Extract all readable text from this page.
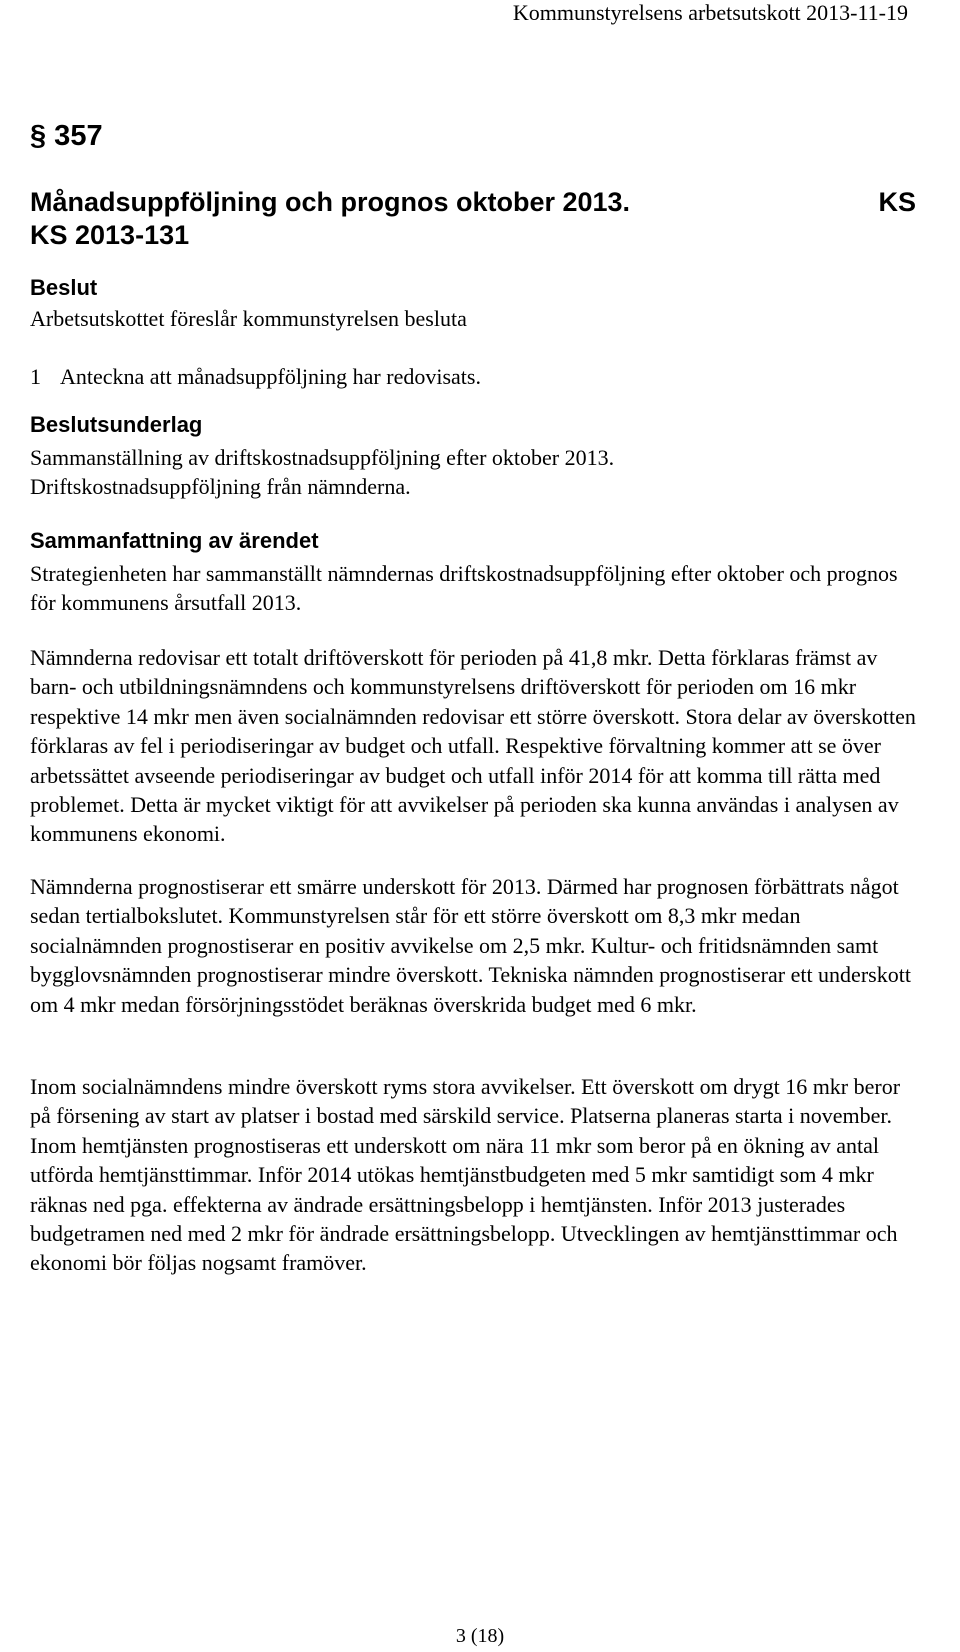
Kommunstyrelsens arbetsutskott 2013-11-19
§ 357
Månadsuppföljning och prognos oktober 2013.
KS 2013-131
KS
Beslut
Arbetsutskottet föreslår kommunstyrelsen besluta
1 Anteckna att månadsuppföljning har redovisats.
Beslutsunderlag
Sammanställning av driftskostnadsuppföljning efter oktober 2013.
Driftskostnadsuppföljning från nämnderna.
Sammanfattning av ärendet

Strategienheten har sammanställt nämndernas driftskostnadsuppföljning efter oktober och prognos för kommunens årsutfall 2013.

Nämnderna redovisar ett totalt driftöverskott för perioden på 41,8 mkr. Detta förklaras främst av barn- och utbildningsnämndens och kommunstyrelsens driftöverskott för perioden om 16 mkr respektive 14 mkr men även socialnämnden redovisar ett större överskott. Stora delar av överskotten förklaras av fel i periodiseringar av budget och utfall. Respektive förvaltning kommer att se över arbetssättet avseende periodiseringar av budget och utfall inför 2014 för att komma till rätta med problemet. Detta är mycket viktigt för att avvikelser på perioden ska kunna användas i analysen av kommunens ekonomi.

Nämnderna prognostiserar ett smärre underskott för 2013. Därmed har prognosen förbättrats något sedan tertialbokslutet. Kommunstyrelsen står för ett större överskott om 8,3 mkr medan socialnämnden prognostiserar en positiv avvikelse om 2,5 mkr. Kultur- och fritidsnämnden samt bygglovsnämnden prognostiserar mindre överskott. Tekniska nämnden prognostiserar ett underskott om 4 mkr medan försörjningsstödet beräknas överskrida budget med 6 mkr.

Inom socialnämndens mindre överskott ryms stora avvikelser. Ett överskott om drygt 16 mkr beror på försening av start av platser i bostad med särskild service. Platserna planeras starta i november. Inom hemtjänsten prognostiseras ett underskott om nära 11 mkr som beror på en ökning av antal utförda hemtjänsttimmar. Inför 2014 utökas hemtjänstbudgeten med 5 mkr samtidigt som 4 mkr räknas ned pga. effekterna av ändrade ersättningsbelopp i hemtjänsten. Inför 2013 justerades budgetramen ned med 2 mkr för ändrade ersättningsbelopp. Utvecklingen av hemtjänsttimmar och ekonomi bör följas nogsamt framöver.

3 (18)
